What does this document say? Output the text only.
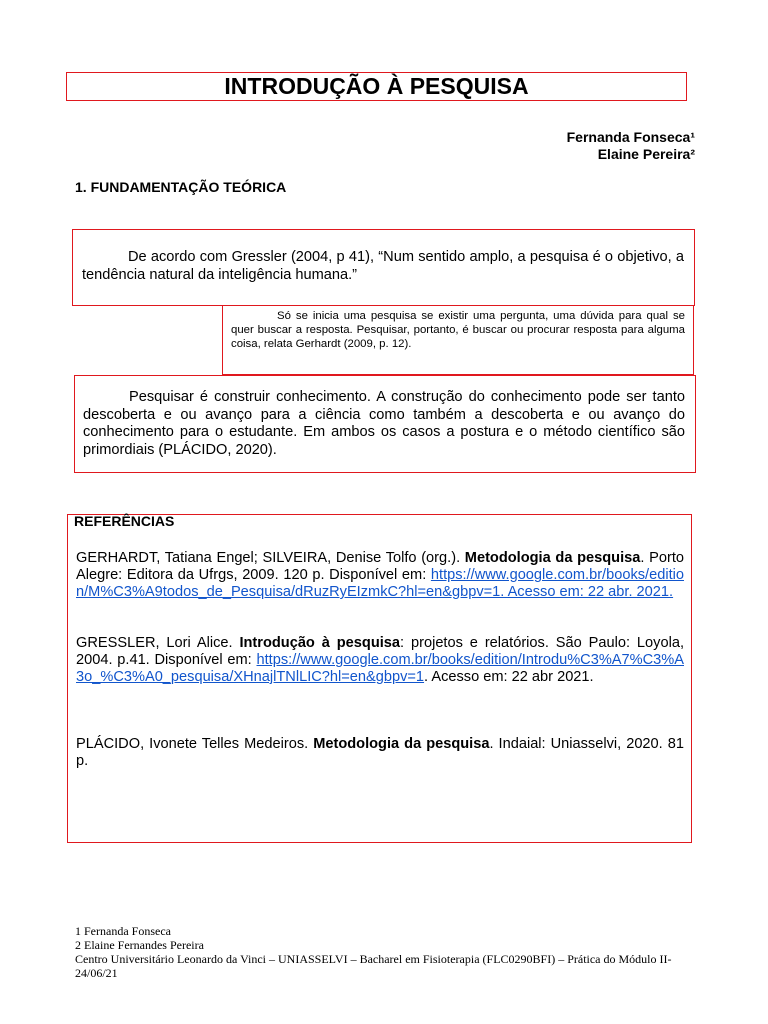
INTRODUÇÃO À PESQUISA
Fernanda Fonseca¹
Elaine Pereira²
1. FUNDAMENTAÇÃO TEÓRICA
De acordo com Gressler (2004, p 41), “Num sentido amplo, a pesquisa é o objetivo, a tendência natural da inteligência humana.”
Só se inicia uma pesquisa se existir uma pergunta, uma dúvida para qual se quer buscar a resposta. Pesquisar, portanto, é buscar ou procurar resposta para alguma coisa, relata Gerhardt (2009, p. 12).
Pesquisar é construir conhecimento. A construção do conhecimento pode ser tanto descoberta e ou avanço para a ciência como também a descoberta e ou avanço do conhecimento para o estudante. Em ambos os casos a postura e o método científico são primordiais (PLÁCIDO, 2020).
REFERÊNCIAS
GERHARDT, Tatiana Engel; SILVEIRA, Denise Tolfo (org.). Metodologia da pesquisa. Porto Alegre: Editora da Ufrgs, 2009. 120 p. Disponível em: https://www.google.com.br/books/edition/M%C3%A9todos_de_Pesquisa/dRuzRyEIzmkC?hl=en&gbpv=1. Acesso em: 22 abr. 2021.
GRESSLER, Lori Alice. Introdução à pesquisa: projetos e relatórios. São Paulo: Loyola, 2004. p.41. Disponível em: https://www.google.com.br/books/edition/Introdu%C3%A7%C3%A3o_%C3%A0_pesquisa/XHnajlTNlLIC?hl=en&gbpv=1. Acesso em: 22 abr 2021.
PLÁCIDO, Ivonete Telles Medeiros. Metodologia da pesquisa. Indaial: Uniasselvi, 2020. 81 p.
1 Fernanda Fonseca
2 Elaine Fernandes Pereira
Centro Universitário Leonardo da Vinci – UNIASSELVI – Bacharel em Fisioterapia (FLC0290BFI) – Prática do Módulo II- 24/06/21
